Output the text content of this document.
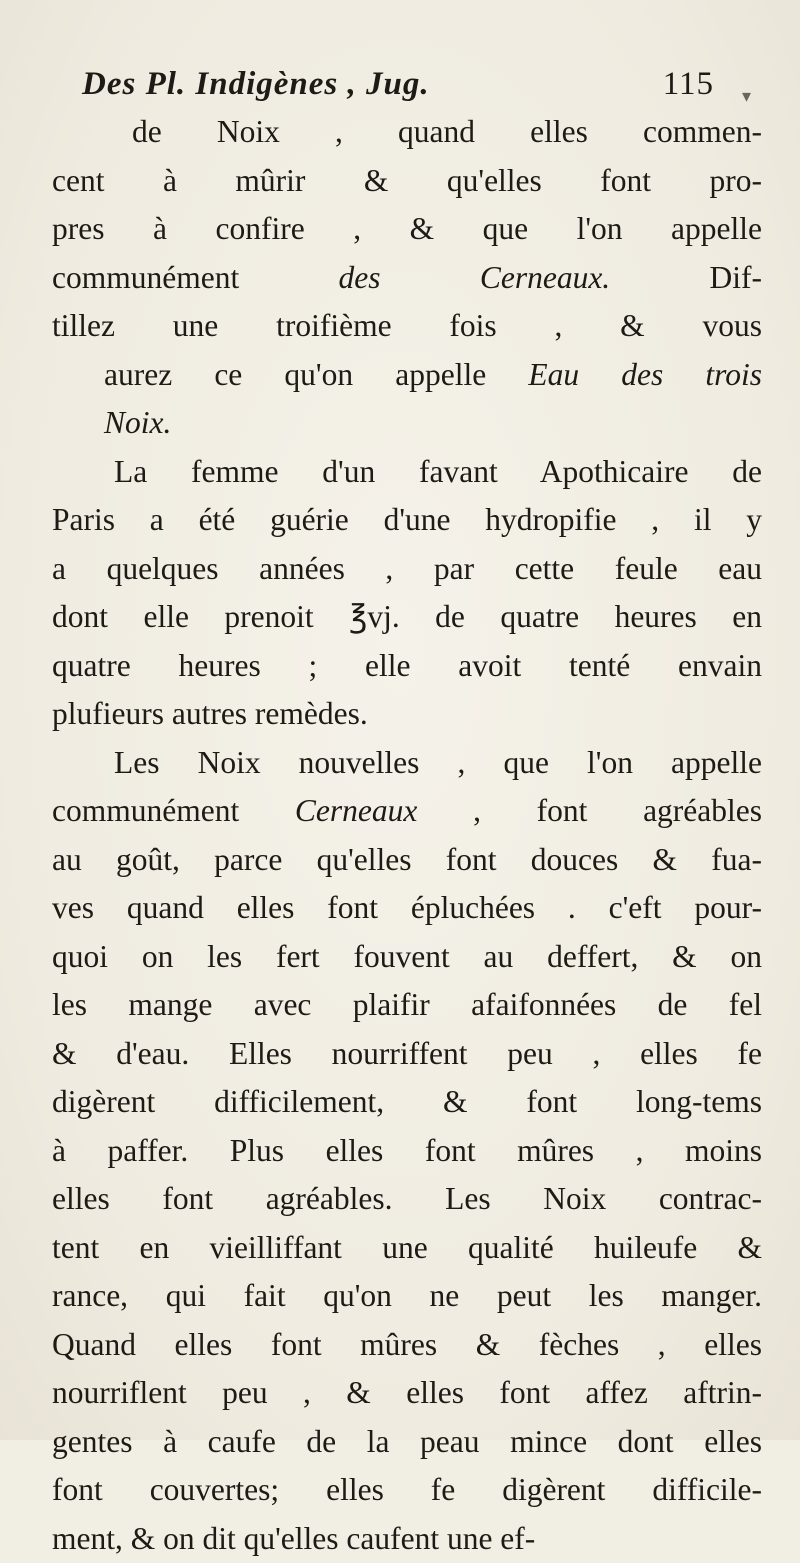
Des Pl. Indigènes , Jug.	115
de Noix , quand elles commen-
cent à mûrir & qu'elles font pro-
pres à confire , & que l'on appelle
communément des Cerneaux. Dif-
tillez une troifième fois , & vous
aurez ce qu'on appelle Eau des trois
Noix.
La femme d'un favant Apothicaire de
Paris a été guérie d'une hydropifie , il y
a quelques années , par cette feule eau
dont elle prenoit ℥vj. de quatre heures en
quatre heures ; elle avoit tenté envain
plufieurs autres remèdes.
Les Noix nouvelles , que l'on appelle
communément Cerneaux , font agréables
au goût, parce qu'elles font douces & fua-
ves quand elles font épluchées . c'eft pour-
quoi on les fert fouvent au deffert, & on
les mange avec plaifir afaifonnées de fel
& d'eau. Elles nourriffent peu , elles fe
digèrent difficilement, & font long-tems
à paffer. Plus elles font mûres , moins
elles font agréables. Les Noix contrac-
tent en vieilliffant une qualité huileufe &
rance, qui fait qu'on ne peut les manger.
Quand elles font mûres & fèches , elles
nourriflent peu , & elles font affez aftrin-
gentes à caufe de la peau mince dont elles
font couvertes; elles fe digèrent difficile-
ment, & on dit qu'elles caufent une ef-
▾
